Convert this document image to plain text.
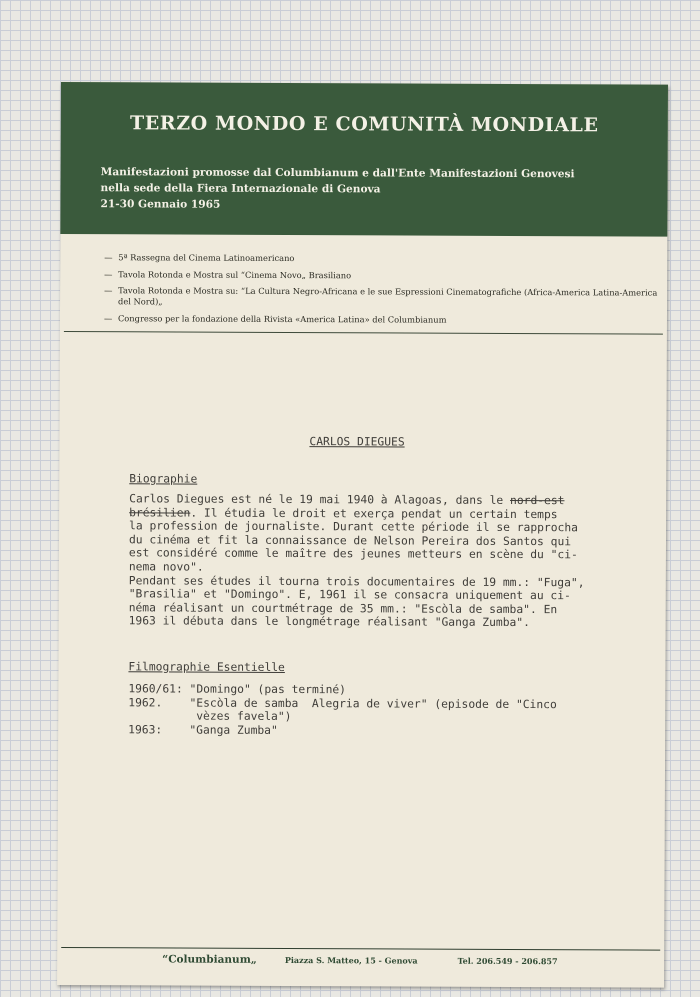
TERZO MONDO E COMUNITÀ MONDIALE
Manifestazioni promosse dal Columbianum e dall'Ente Manifestazioni Genovesi
nella sede della Fiera Internazionale di Genova
21-30 Gennaio 1965
— 5ª Rassegna del Cinema Latinoamericano
— Tavola Rotonda e Mostra sul “Cinema Novo„ Brasiliano
— Tavola Rotonda e Mostra su: “La Cultura Negro-Africana e le sue Espressioni Cinematografiche (Africa-America Latina-America del Nord)„
— Congresso per la fondazione della Rivista «America Latina» del Columbianum
CARLOS DIEGUES
Biographie
Carlos Diegues est né le 19 mai 1940 à Alagoas, dans le nord-est
brésilien. Il étudia le droit et exerça pendat un certain temps
la profession de journaliste. Durant cette période il se rapprocha
du cinéma et fit la connaissance de Nelson Pereira dos Santos qui
est considéré comme le maître des jeunes metteurs en scène du "ci-
nema novo".
Pendant ses études il tourna trois documentaires de 19 mm.: "Fuga",
"Brasilia" et "Domingo". E, 1961 il se consacra uniquement au ci-
néma réalisant un courtmétrage de 35 mm.: "Escòla de samba". En
1963 il débuta dans le longmétrage réalisant "Ganga Zumba".
Filmographie Esentielle
1960/61: "Domingo" (pas terminé)
1962.    "Escòla de samba  Alegria de viver" (episode de "Cinco
vèzes favela")
1963:    "Ganga Zumba"
“Columbianum„	Piazza S. Matteo, 15 - Genova	Tel. 206.549 - 206.857
